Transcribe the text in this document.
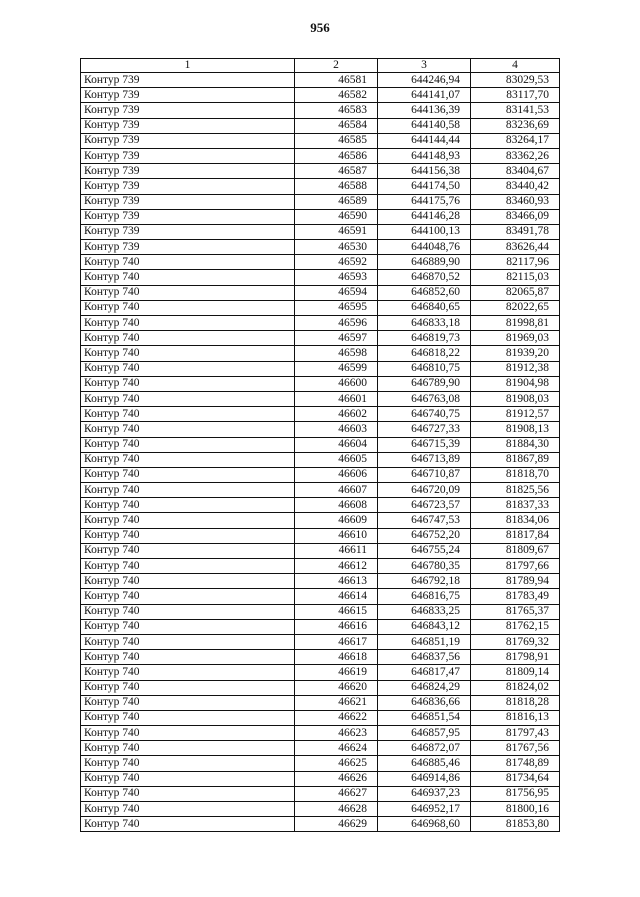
956
1	2	3	4
Контур 739	46581	644246,94	83029,53
Контур 739	46582	644141,07	83117,70
Контур 739	46583	644136,39	83141,53
Контур 739	46584	644140,58	83236,69
Контур 739	46585	644144,44	83264,17
Контур 739	46586	644148,93	83362,26
Контур 739	46587	644156,38	83404,67
Контур 739	46588	644174,50	83440,42
Контур 739	46589	644175,76	83460,93
Контур 739	46590	644146,28	83466,09
Контур 739	46591	644100,13	83491,78
Контур 739	46530	644048,76	83626,44
Контур 740	46592	646889,90	82117,96
Контур 740	46593	646870,52	82115,03
Контур 740	46594	646852,60	82065,87
Контур 740	46595	646840,65	82022,65
Контур 740	46596	646833,18	81998,81
Контур 740	46597	646819,73	81969,03
Контур 740	46598	646818,22	81939,20
Контур 740	46599	646810,75	81912,38
Контур 740	46600	646789,90	81904,98
Контур 740	46601	646763,08	81908,03
Контур 740	46602	646740,75	81912,57
Контур 740	46603	646727,33	81908,13
Контур 740	46604	646715,39	81884,30
Контур 740	46605	646713,89	81867,89
Контур 740	46606	646710,87	81818,70
Контур 740	46607	646720,09	81825,56
Контур 740	46608	646723,57	81837,33
Контур 740	46609	646747,53	81834,06
Контур 740	46610	646752,20	81817,84
Контур 740	46611	646755,24	81809,67
Контур 740	46612	646780,35	81797,66
Контур 740	46613	646792,18	81789,94
Контур 740	46614	646816,75	81783,49
Контур 740	46615	646833,25	81765,37
Контур 740	46616	646843,12	81762,15
Контур 740	46617	646851,19	81769,32
Контур 740	46618	646837,56	81798,91
Контур 740	46619	646817,47	81809,14
Контур 740	46620	646824,29	81824,02
Контур 740	46621	646836,66	81818,28
Контур 740	46622	646851,54	81816,13
Контур 740	46623	646857,95	81797,43
Контур 740	46624	646872,07	81767,56
Контур 740	46625	646885,46	81748,89
Контур 740	46626	646914,86	81734,64
Контур 740	46627	646937,23	81756,95
Контур 740	46628	646952,17	81800,16
Контур 740	46629	646968,60	81853,80
